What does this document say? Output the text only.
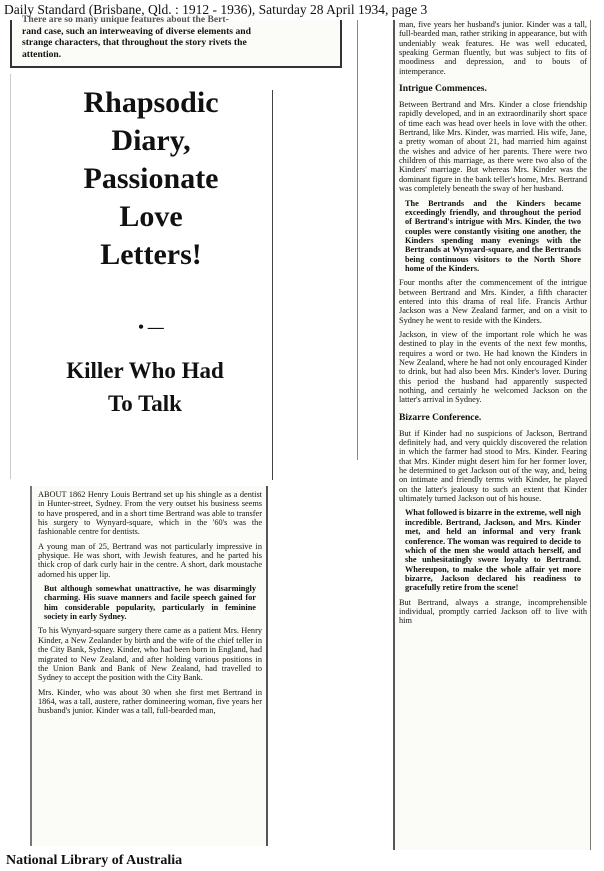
Daily Standard (Brisbane, Qld. : 1912 - 1936), Saturday 28 April 1934, page 3
There are so many unique features about the Bert-
rand case, such an interweaving of diverse elements and
strange characters, that throughout the story rivets the
attention.
Rhapsodic
Diary,
Passionate
Love
Letters!
• —
Killer Who Had
To Talk

ABOUT 1862 Henry Louis Bertrand set up his shingle as a dentist in Hunter-street, Sydney. From the very outset his business seems to have prospered, and in a short time Bertrand was able to transfer his surgery to Wynyard-square, which in the '60's was the fashionable centre for dentists.

A young man of 25, Bertrand was not particularly impressive in physique. He was short, with Jewish features, and he parted his thick crop of dark curly hair in the centre. A short, dark moustache adorned his upper lip.

But although somewhat unattractive, he was disarmingly charming. His suave manners and facile speech gained for him considerable popularity, particularly in feminine society in early Sydney.

To his Wynyard-square surgery there came as a patient Mrs. Henry Kinder, a New Zealander by birth and the wife of the chief teller in the City Bank, Sydney. Kinder, who had been born in England, had migrated to New Zealand, and after holding various positions in the Union Bank and Bank of New Zealand, had travelled to Sydney to accept the position with the City Bank.

Mrs. Kinder, who was about 30 when she first met Bertrand in 1864, was a tall, austere, rather domineering woman, five years her husband's junior. Kinder was a tall, full-bearded man,

man, five years her husband's junior. Kinder was a tall, full-bearded man, rather striking in appearance, but with undeniably weak features. He was well educated, speaking German fluently, but was subject to fits of moodiness and depression, and to bouts of intemperance.

Intrigue Commences.

Between Bertrand and Mrs. Kinder a close friendship rapidly developed, and in an extraordinarily short space of time each was head over heels in love with the other. Bertrand, like Mrs. Kinder, was married. His wife, Jane, a pretty woman of about 21, had married him against the wishes and advice of her parents. There were two children of this marriage, as there were two also of the Kinders' marriage. But whereas Mrs. Kinder was the dominant figure in the bank teller's home, Mrs. Bertrand was completely beneath the sway of her husband.

The Bertrands and the Kinders became exceedingly friendly, and throughout the period of Bertrand's intrigue with Mrs. Kinder, the two couples were constantly visiting one another, the Kinders spending many evenings with the Bertrands at Wynyard-square, and the Bertrands being continuous visitors to the North Shore home of the Kinders.

Four months after the commencement of the intrigue between Bertrand and Mrs. Kinder, a fifth character entered into this drama of real life. Francis Arthur Jackson was a New Zealand farmer, and on a visit to Sydney he went to reside with the Kinders.

Jackson, in view of the important role which he was destined to play in the events of the next few months, requires a word or two. He had known the Kinders in New Zealand, where he had not only encouraged Kinder to drink, but had also been Mrs. Kinder's lover. During this period the husband had apparently suspected nothing, and certainly he welcomed Jackson on the latter's arrival in Sydney.

Bizarre Conference.

But if Kinder had no suspicions of Jackson, Bertrand definitely had, and very quickly discovered the relation in which the farmer had stood to Mrs. Kinder. Fearing that Mrs. Kinder might desert him for her former lover, he determined to get Jackson out of the way, and, being on intimate and friendly terms with Kinder, he played on the latter's jealousy to such an extent that Kinder ultimately turned Jackson out of his house.

What followed is bizarre in the extreme, well nigh incredible. Bertrand, Jackson, and Mrs. Kinder met, and held an informal and very frank conference. The woman was required to decide to which of the men she would attach herself, and she unhesitatingly swore loyalty to Bertrand. Whereupon, to make the whole affair yet more bizarre, Jackson declared his readiness to gracefully retire from the scene!

But Bertrand, always a strange, incomprehensible individual, promptly carried Jackson off to live with him

National Library of Australia
